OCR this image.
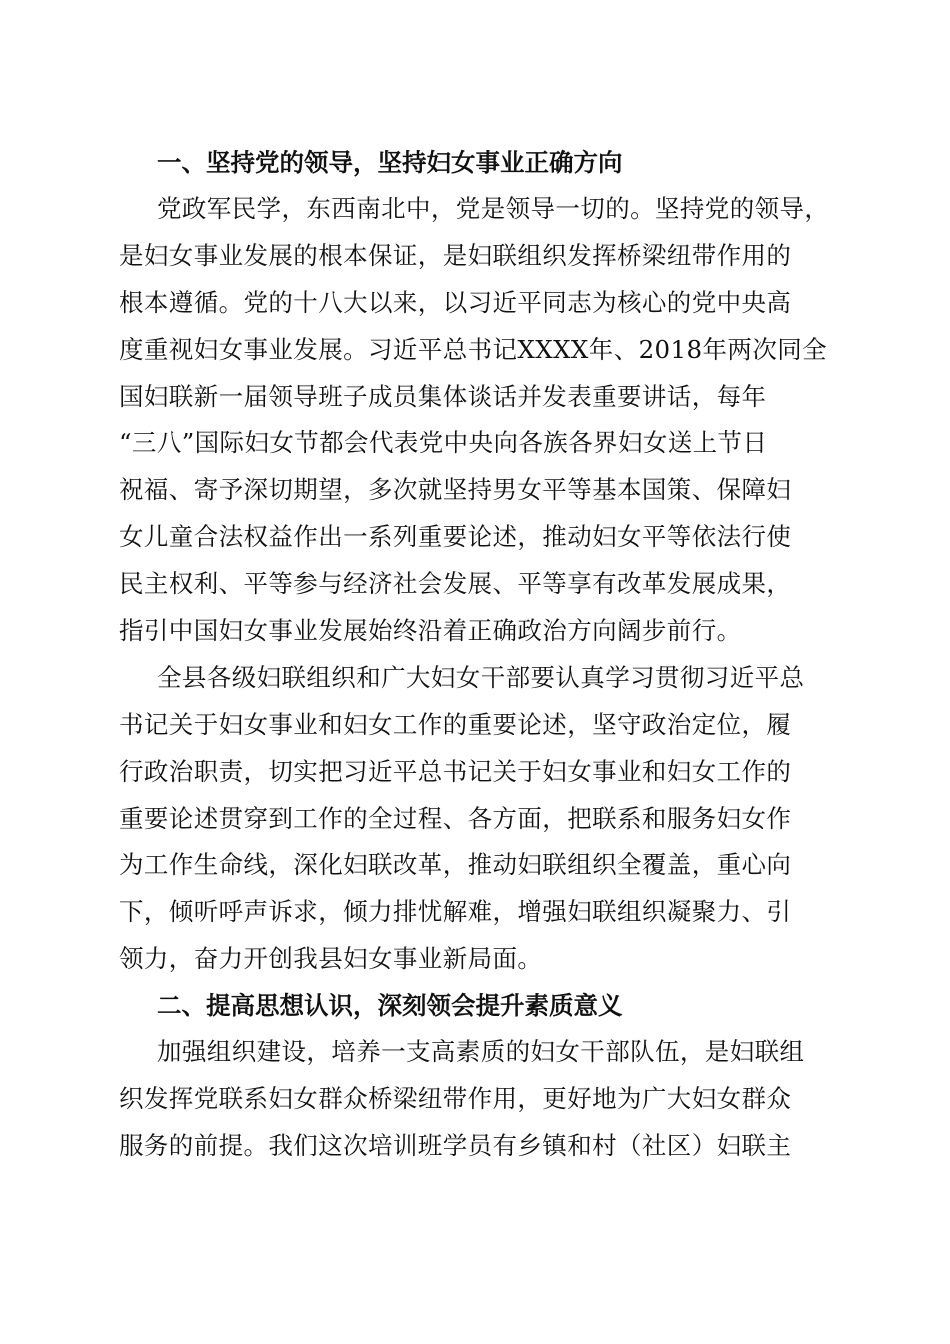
一、坚持党的领导，坚持妇女事业正确方向
党政军民学，东西南北中，党是领导一切的。坚持党的领导，
是妇女事业发展的根本保证，是妇联组织发挥桥梁纽带作用的
根本遵循。党的十八大以来，以习近平同志为核心的党中央高
度重视妇女事业发展。习近平总书记XXXX年、2018年两次同全
国妇联新一届领导班子成员集体谈话并发表重要讲话，每年
“三八”国际妇女节都会代表党中央向各族各界妇女送上节日
祝福、寄予深切期望，多次就坚持男女平等基本国策、保障妇
女儿童合法权益作出一系列重要论述，推动妇女平等依法行使
民主权利、平等参与经济社会发展、平等享有改革发展成果，
指引中国妇女事业发展始终沿着正确政治方向阔步前行。
全县各级妇联组织和广大妇女干部要认真学习贯彻习近平总
书记关于妇女事业和妇女工作的重要论述，坚守政治定位，履
行政治职责，切实把习近平总书记关于妇女事业和妇女工作的
重要论述贯穿到工作的全过程、各方面，把联系和服务妇女作
为工作生命线，深化妇联改革，推动妇联组织全覆盖，重心向
下，倾听呼声诉求，倾力排忧解难，增强妇联组织凝聚力、引
领力，奋力开创我县妇女事业新局面。
二、提高思想认识，深刻领会提升素质意义
加强组织建设，培养一支高素质的妇女干部队伍，是妇联组
织发挥党联系妇女群众桥梁纽带作用，更好地为广大妇女群众
服务的前提。我们这次培训班学员有乡镇和村（社区）妇联主
